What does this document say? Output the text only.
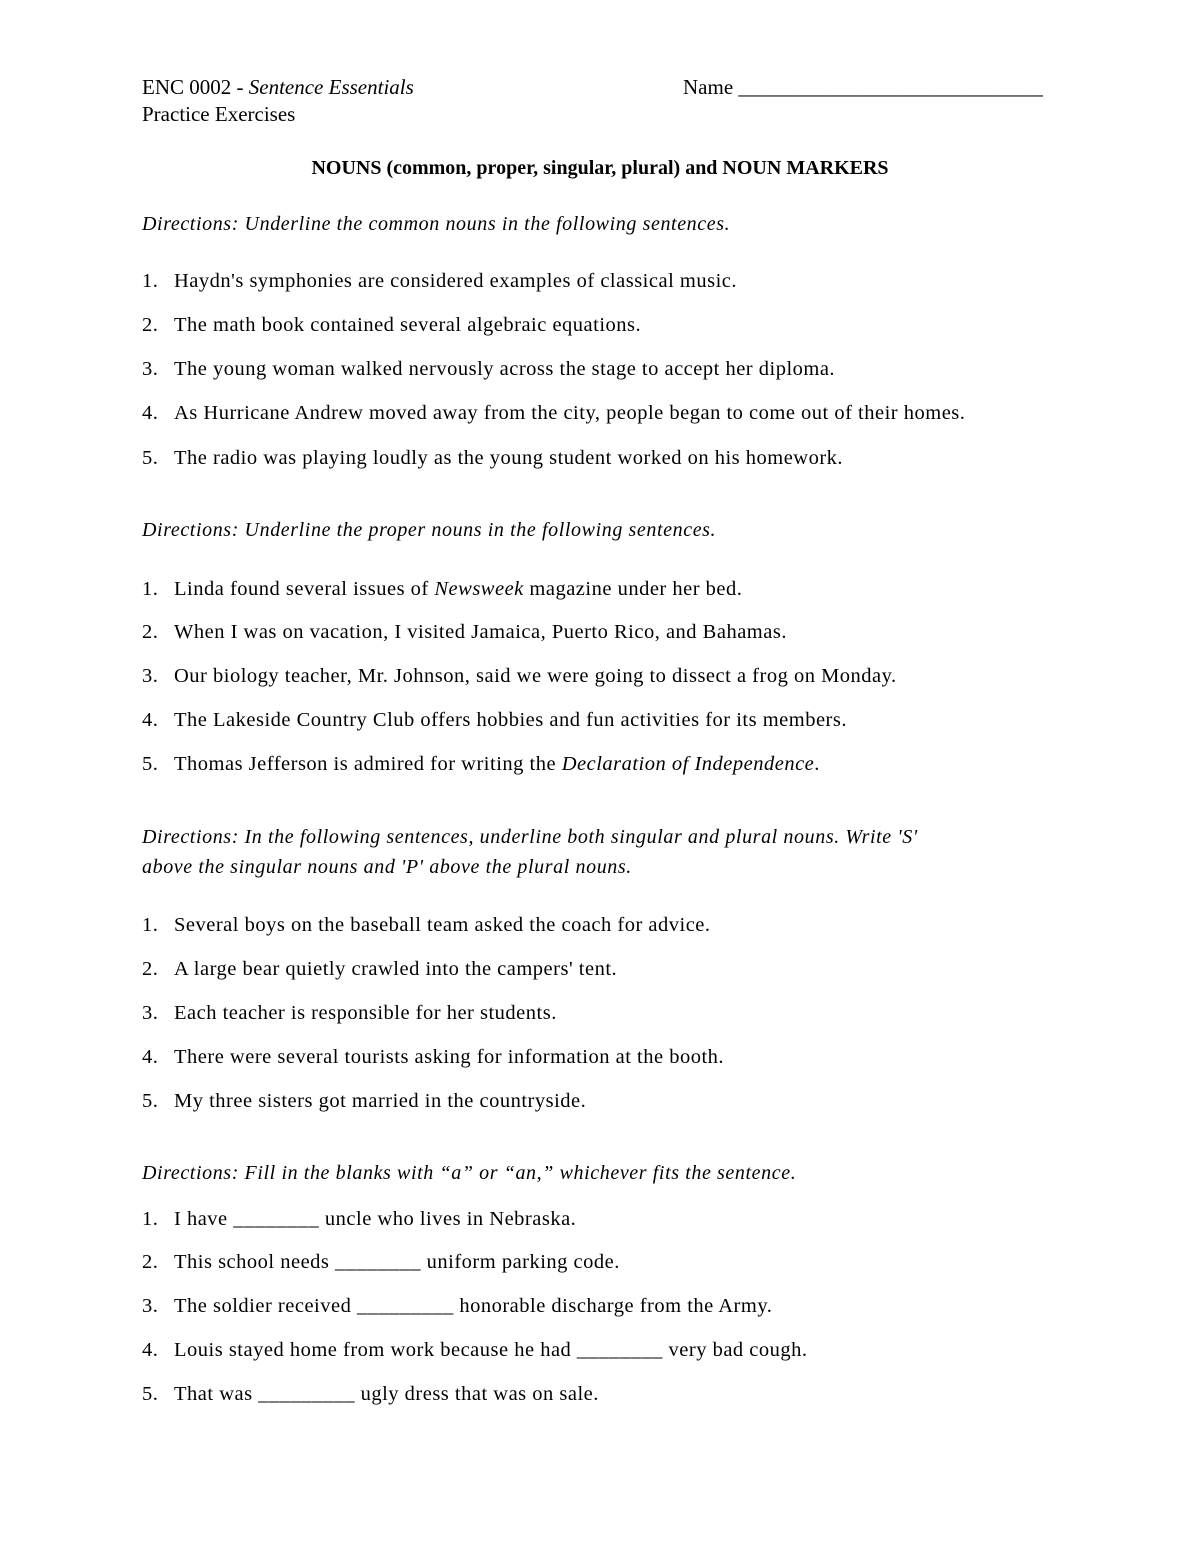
ENC 0002 - Sentence Essentials	Name _____________________________
Practice Exercises
NOUNS (common, proper, singular, plural) and NOUN MARKERS
Directions: Underline the common nouns in the following sentences.
1. Haydn's symphonies are considered examples of classical music.
2. The math book contained several algebraic equations.
3. The young woman walked nervously across the stage to accept her diploma.
4. As Hurricane Andrew moved away from the city, people began to come out of their homes.
5. The radio was playing loudly as the young student worked on his homework.
Directions: Underline the proper nouns in the following sentences.
1. Linda found several issues of Newsweek magazine under her bed.
2. When I was on vacation, I visited Jamaica, Puerto Rico, and Bahamas.
3. Our biology teacher, Mr. Johnson, said we were going to dissect a frog on Monday.
4. The Lakeside Country Club offers hobbies and fun activities for its members.
5. Thomas Jefferson is admired for writing the Declaration of Independence.
Directions: In the following sentences, underline both singular and plural nouns. Write 'S'
above the singular nouns and 'P' above the plural nouns.
1. Several boys on the baseball team asked the coach for advice.
2. A large bear quietly crawled into the campers' tent.
3. Each teacher is responsible for her students.
4. There were several tourists asking for information at the booth.
5. My three sisters got married in the countryside.
Directions: Fill in the blanks with “a” or “an,” whichever fits the sentence.
1. I have ________ uncle who lives in Nebraska.
2. This school needs ________ uniform parking code.
3. The soldier received _________ honorable discharge from the Army.
4. Louis stayed home from work because he had ________ very bad cough.
5. That was _________ ugly dress that was on sale.
